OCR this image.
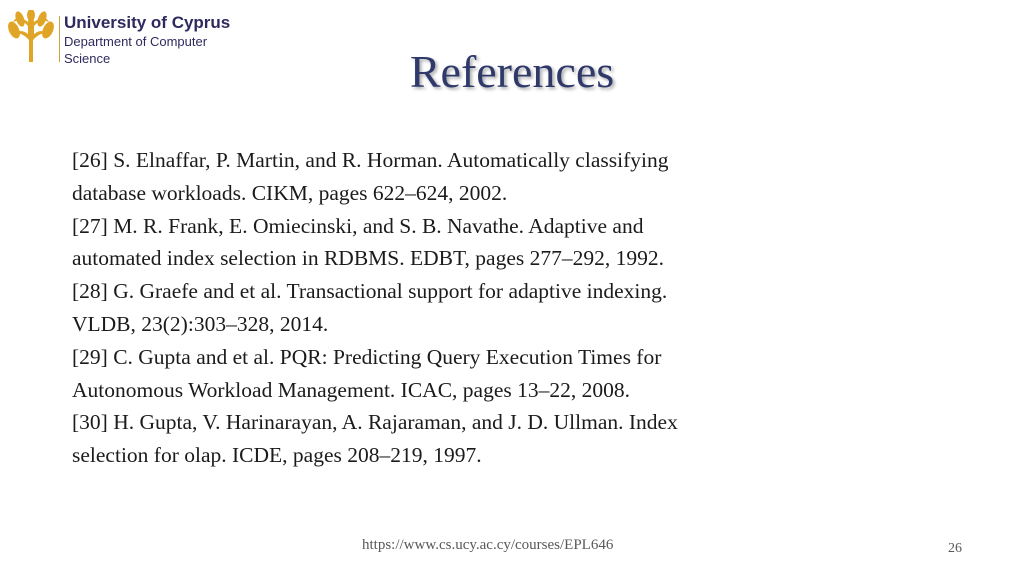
University of Cyprus
Department of Computer
Science	References

[26] S. Elnaffar, P. Martin, and R. Horman. Automatically classifying

database workloads. CIKM, pages 622–624, 2002.

[27] M. R. Frank, E. Omiecinski, and S. B. Navathe. Adaptive and

automated index selection in RDBMS. EDBT, pages 277–292, 1992.

[28] G. Graefe and et al. Transactional support for adaptive indexing.

VLDB, 23(2):303–328, 2014.

[29] C. Gupta and et al. PQR: Predicting Query Execution Times for

Autonomous Workload Management. ICAC, pages 13–22, 2008.

[30] H. Gupta, V. Harinarayan, A. Rajaraman, and J. D. Ullman. Index

selection for olap. ICDE, pages 208–219, 1997.

https://www.cs.ucy.ac.cy/courses/EPL646	26
